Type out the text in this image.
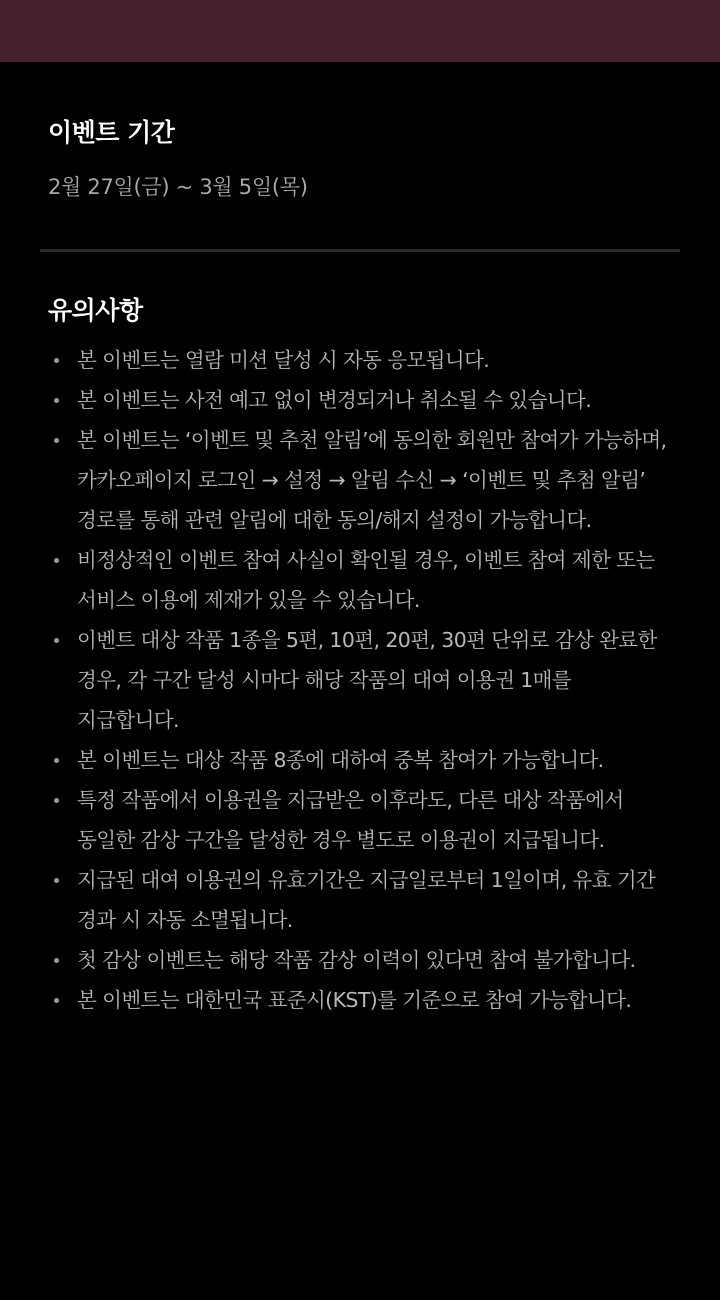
이벤트 기간
2월 27일(금) ~ 3월 5일(목)
유의사항
본 이벤트는 열람 미션 달성 시 자동 응모됩니다.
본 이벤트는 사전 예고 없이 변경되거나 취소될 수 있습니다.
본 이벤트는 ‘이벤트 및 추천 알림’에 동의한 회원만 참여가 가능하며, 카카오페이지 로그인 → 설정 → 알림 수신 → ‘이벤트 및 추첨 알림’ 경로를 통해 관련 알림에 대한 동의/해지 설정이 가능합니다.
비정상적인 이벤트 참여 사실이 확인될 경우, 이벤트 참여 제한 또는 서비스 이용에 제재가 있을 수 있습니다.
이벤트 대상 작품 1종을 5편, 10편, 20편, 30편 단위로 감상 완료한 경우, 각 구간 달성 시마다 해당 작품의 대여 이용권 1매를 지급합니다.
본 이벤트는 대상 작품 8종에 대하여 중복 참여가 가능합니다.
특정 작품에서 이용권을 지급받은 이후라도, 다른 대상 작품에서 동일한 감상 구간을 달성한 경우 별도로 이용권이 지급됩니다.
지급된 대여 이용권의 유효기간은 지급일로부터 1일이며, 유효 기간 경과 시 자동 소멸됩니다.
첫 감상 이벤트는 해당 작품 감상 이력이 있다면 참여 불가합니다.
본 이벤트는 대한민국 표준시(KST)를 기준으로 참여 가능합니다.
